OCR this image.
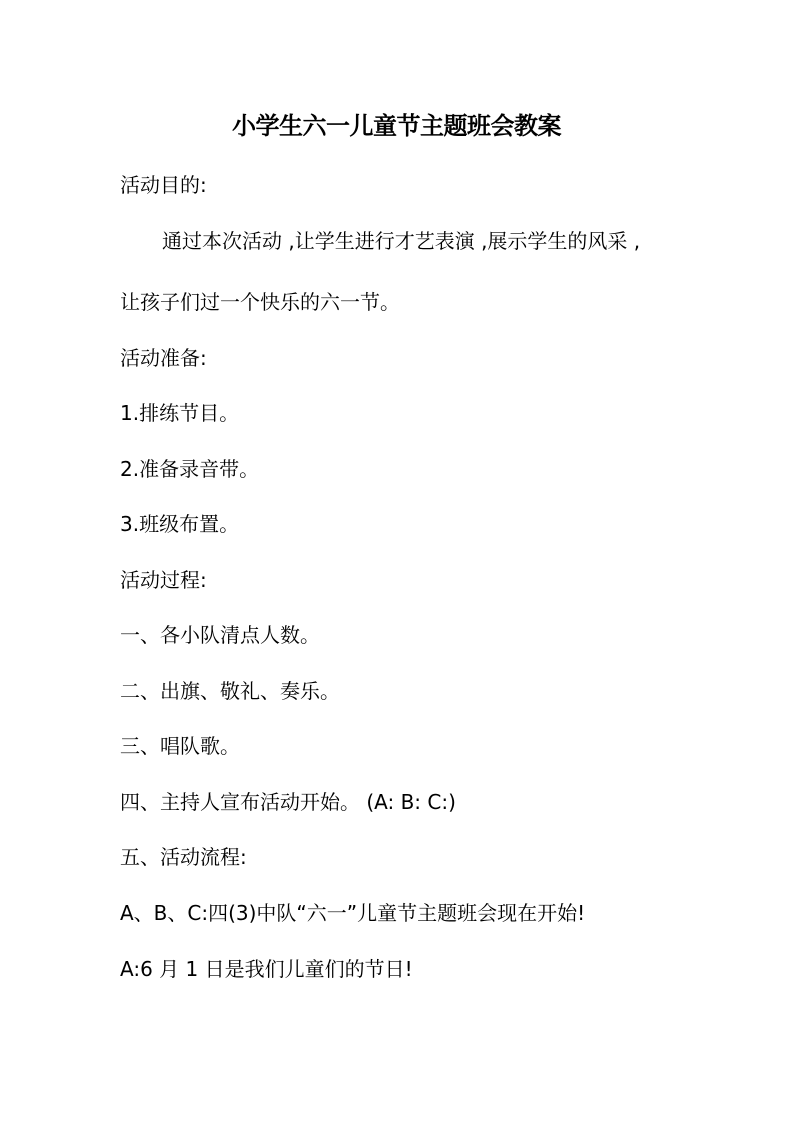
小学生六一儿童节主题班会教案
活动目的:
通过本次活动 ,让学生进行才艺表演 ,展示学生的风采 ,
让孩子们过一个快乐的六一节。
活动准备:
1.排练节目。
2.准备录音带。
3.班级布置。
活动过程:
一、各小队清点人数。
二、出旗、敬礼、奏乐。
三、唱队歌。
四、主持人宣布活动开始。 (A: B: C:)
五、活动流程:
A、B、C:四(3)中队“六一”儿童节主题班会现在开始!
A:6 月 1 日是我们儿童们的节日!
